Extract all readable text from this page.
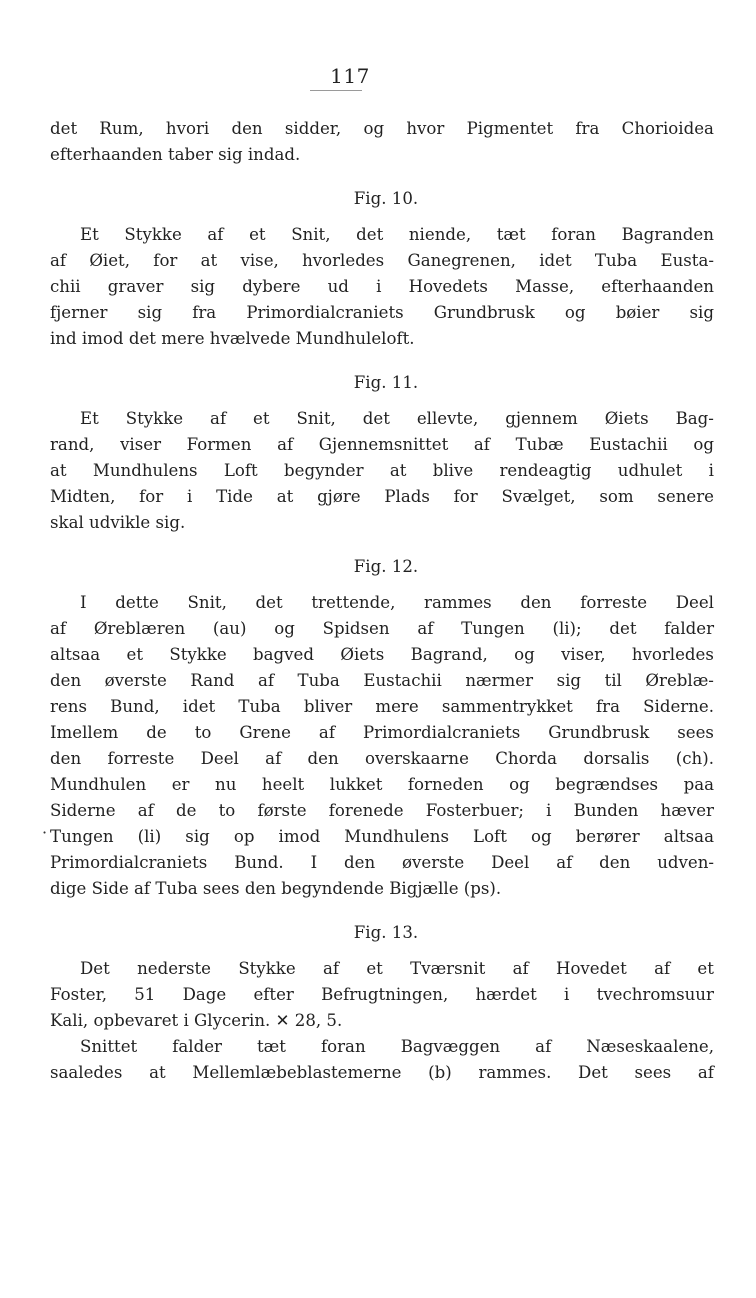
117
det Rum, hvori den sidder, og hvor Pigmentet fra Chorioidea
efterhaanden taber sig indad.
Fig. 10.
Et Stykke af et Snit, det niende, tæt foran Bagranden
af Øiet, for at vise, hvorledes Ganegrenen, idet Tuba Eusta-
chii graver sig dybere ud i Hovedets Masse, efterhaanden
fjerner sig fra Primordialcraniets Grundbrusk og bøier sig
ind imod det mere hvælvede Mundhuleloft.
Fig. 11.
Et Stykke af et Snit, det ellevte, gjennem Øiets Bag-
rand, viser Formen af Gjennemsnittet af Tubæ Eustachii og
at Mundhulens Loft begynder at blive rendeagtig udhulet i
Midten, for i Tide at gjøre Plads for Svælget, som senere
skal udvikle sig.
Fig. 12.
I dette Snit, det trettende, rammes den forreste Deel
af Øreblæren (au) og Spidsen af Tungen (li); det falder
altsaa et Stykke bagved Øiets Bagrand, og viser, hvorledes
den øverste Rand af Tuba Eustachii nærmer sig til Øreblæ-
rens Bund, idet Tuba bliver mere sammentrykket fra Siderne.
Imellem de to Grene af Primordialcraniets Grundbrusk sees
den forreste Deel af den overskaarne Chorda dorsalis (ch).
Mundhulen er nu heelt lukket forneden og begrændses paa
Siderne af de to første forenede Fosterbuer; i Bunden hæver
Tungen (li) sig op imod Mundhulens Loft og berører altsaa
Primordialcraniets Bund. I den øverste Deel af den udven-
dige Side af Tuba sees den begyndende Bigjælle (ps).
Fig. 13.
Det nederste Stykke af et Tværsnit af Hovedet af et
Foster, 51 Dage efter Befrugtningen, hærdet i tvechromsuur
Kali, opbevaret i Glycerin. ✕ 28, 5.
Snittet falder tæt foran Bagvæggen af Næseskaalene,
saaledes at Mellemlæbeblastemerne (b) rammes. Det sees af
·
